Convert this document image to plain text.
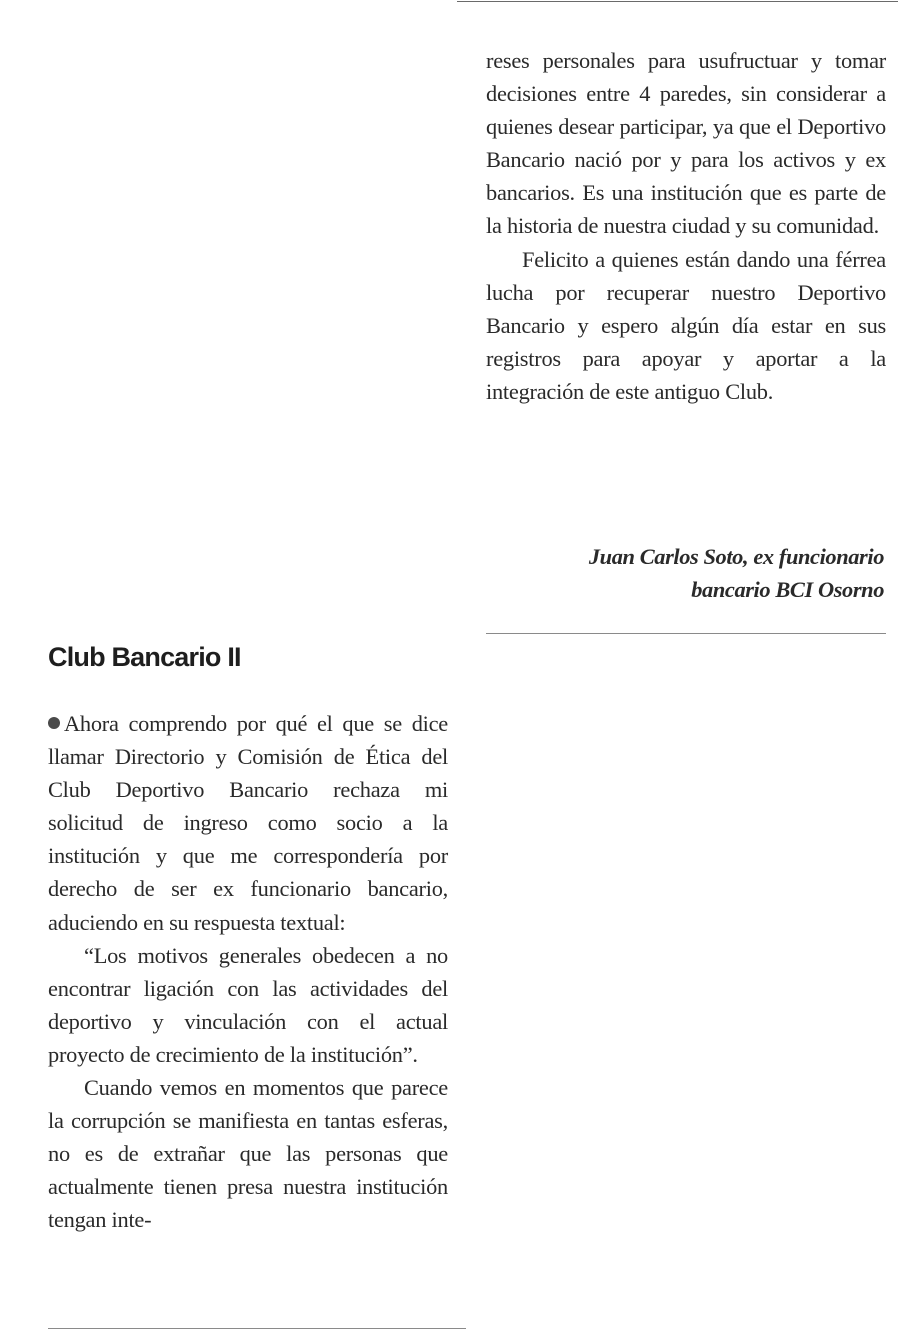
reses personales para usufructuar y tomar decisiones entre 4 paredes, sin considerar a quienes desear participar, ya que el Deportivo Bancario nació por y para los activos y ex bancarios. Es una institución que es parte de la historia de nuestra ciudad y su comunidad.

Felicito a quienes están dando una férrea lucha por recuperar nuestro Deportivo Bancario y espero algún día estar en sus registros para apoyar y aportar a la integración de este antiguo Club.

Juan Carlos Soto, ex funcionario
bancario BCI Osorno
Club Bancario II

Ahora comprendo por qué el que se dice llamar Directorio y Comisión de Ética del Club Deportivo Bancario rechaza mi solicitud de ingreso como socio a la institución y que me correspondería por derecho de ser ex funcionario bancario, aduciendo en su respuesta textual:

“Los motivos generales obedecen a no encontrar ligación con las actividades del deportivo y vinculación con el actual proyecto de crecimiento de la institución”.

Cuando vemos en momentos que parece la corrupción se manifiesta en tantas esferas, no es de extrañar que las personas que actualmente tienen presa nuestra institución tengan inte-
